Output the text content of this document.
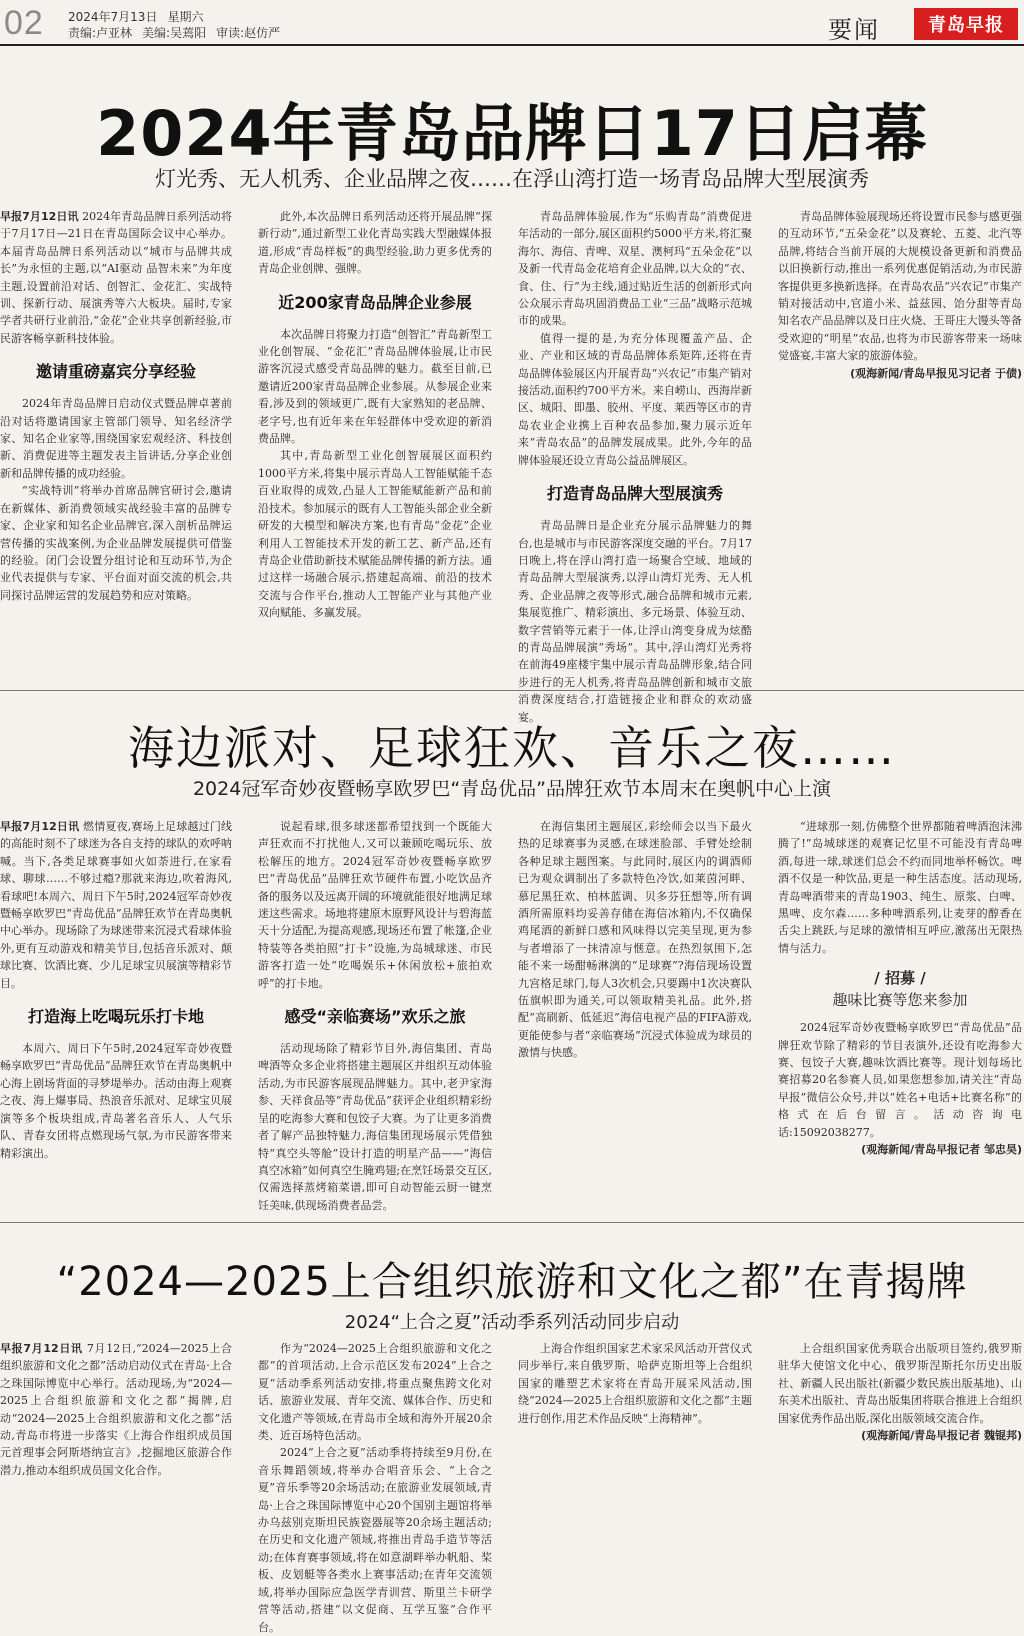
02 2024年7月13日 星期六
责编:卢亚林 美编:吴蔫阳 审读:赵仿严	要闻	青岛早报
2024年青岛品牌日17日启幕
灯光秀、无人机秀、企业品牌之夜……在浮山湾打造一场青岛品牌大型展演秀

早报7月12日讯 2024年青岛品牌日系列活动将于7月17日—21日在青岛国际会议中心举办。本届青岛品牌日系列活动以“城市与品牌共成长”为永恒的主题,以“AI驱动 品智未来”为年度主题,设置前沿对话、创智汇、金花汇、实战特训、探新行动、展演秀等六大板块。届时,专家学者共研行业前沿,“金花”企业共享创新经验,市民游客畅享新科技体验。

邀请重磅嘉宾分享经验

2024年青岛品牌日启动仪式暨品牌卓著前沿对话将邀请国家主管部门领导、知名经济学家、知名企业家等,围绕国家宏观经济、科技创新、消费促进等主题发表主旨讲话,分享企业创新和品牌传播的成功经验。

“实战特训”将举办首席品牌官研讨会,邀请在新媒体、新消费领域实战经验丰富的品牌专家、企业家和知名企业品牌官,深入剖析品牌运营传播的实战案例,为企业品牌发展提供可借鉴的经验。闭门会设置分组讨论和互动环节,为企业代表提供与专家、平台面对面交流的机会,共同探讨品牌运营的发展趋势和应对策略。

此外,本次品牌日系列活动还将开展品牌“探新行动”,通过新型工业化青岛实践大型融媒体报道,形成“青岛样板”的典型经验,助力更多优秀的青岛企业创牌、强牌。

近200家青岛品牌企业参展

本次品牌日将聚力打造“创智汇”青岛新型工业化创智展、“金花汇”青岛品牌体验展,让市民游客沉浸式感受青岛品牌的魅力。截至目前,已邀请近200家青岛品牌企业参展。从参展企业来看,涉及到的领域更广,既有大家熟知的老品牌、老字号,也有近年来在年轻群体中受欢迎的新消费品牌。

其中,青岛新型工业化创智展展区面积约1000平方米,将集中展示青岛人工智能赋能千态百业取得的成效,凸显人工智能赋能新产品和前沿技术。参加展示的既有人工智能头部企业全新研发的大模型和解决方案,也有青岛“金花”企业利用人工智能技术开发的新工艺、新产品,还有青岛企业借助新技术赋能品牌传播的新方法。通过这样一场融合展示,搭建起高端、前沿的技术交流与合作平台,推动人工智能产业与其他产业双向赋能、多赢发展。

青岛品牌体验展,作为“乐购青岛”消费促进年活动的一部分,展区面积约5000平方米,将汇聚海尔、海信、青啤、双星、澳柯玛“五朵金花”以及新一代青岛金花培育企业品牌,以大众的“衣、食、住、行”为主线,通过贴近生活的创新形式向公众展示青岛巩固消费品工业“三品”战略示范城市的成果。

值得一提的是,为充分体现覆盖产品、企业、产业和区域的青岛品牌体系矩阵,还将在青岛品牌体验展区内开展青岛“兴农记”市集产销对接活动,面积约700平方米。来自崂山、西海岸新区、城阳、即墨、胶州、平度、莱西等区市的青岛农业企业携上百种农品参加,聚力展示近年来“青岛农品”的品牌发展成果。此外,今年的品牌体验展还设立青岛公益品牌展区。

打造青岛品牌大型展演秀

青岛品牌日是企业充分展示品牌魅力的舞台,也是城市与市民游客深度交融的平台。7月17日晚上,将在浮山湾打造一场聚合空域、地域的青岛品牌大型展演秀,以浮山湾灯光秀、无人机秀、企业品牌之夜等形式,融合品牌和城市元素,集展览推广、精彩演出、多元场景、体验互动、数字营销等元素于一体,让浮山湾变身成为炫酷的青岛品牌展演“秀场”。其中,浮山湾灯光秀将在前海49座楼宇集中展示青岛品牌形象,结合同步进行的无人机秀,将青岛品牌创新和城市文旅消费深度结合,打造链接企业和群众的欢动盛宴。

青岛品牌体验展现场还将设置市民参与感更强的互动环节,“五朵金花”以及赛轮、五菱、北汽等品牌,将结合当前开展的大规模设备更新和消费品以旧换新行动,推出一系列优惠促销活动,为市民游客提供更多换新选择。在青岛农品“兴农记”市集产销对接活动中,官道小米、益兹园、饴分甜等青岛知名农产品品牌以及日庄火烧、王哥庄大馒头等备受欢迎的“明星”农品,也将为市民游客带来一场味觉盛宴,丰富大家的旅游体验。

(观海新闻/青岛早报见习记者 于债)

海边派对、足球狂欢、音乐之夜……
2024冠军奇妙夜暨畅享欧罗巴“青岛优品”品牌狂欢节本周末在奥帆中心上演

早报7月12日讯 燃情夏夜,赛场上足球越过门线的高能时刻不了球迷为各自支持的球队的欢呼呐喊。当下,各类足球赛事如火如荼进行,在家看球、聊球……不够过瘾?那就来海边,吹着海风,看球吧!本周六、周日下午5时,2024冠军奇妙夜暨畅享欧罗巴“青岛优品”品牌狂欢节在青岛奥帆中心举办。现场除了为球迷带来沉浸式看球体验外,更有互动游戏和精美节目,包括音乐派对、颠球比赛、饮酒比赛、少儿足球宝贝展演等精彩节目。

打造海上吃喝玩乐打卡地

本周六、周日下午5时,2024冠军奇妙夜暨畅享欧罗巴“青岛优品”品牌狂欢节在青岛奥帆中心海上剧场背面的寻梦堤举办。活动由海上观赛之夜、海上爆事局、热浪音乐派对、足球宝贝展演等多个板块组成,青岛著名音乐人、人气乐队、青春女团将点燃现场气氛,为市民游客带来精彩演出。

说起看球,很多球迷都希望找到一个既能大声狂欢而不打扰他人,又可以兼顾吃喝玩乐、放松解压的地方。2024冠军奇妙夜暨畅享欧罗巴“青岛优品”品牌狂欢节硬件布置,小吃饮品齐备的服务以及远离开阔的环境就能很好地满足球迷这些需求。场地将建原木原野风设计与碧海蓝天十分适配,为提高观感,现场还布置了帐篷,企业特装等各类拍照“打卡”设施,为岛城球迷、市民游客打造一处“吃喝娱乐+休闲放松+旅拍欢呼”的打卡地。

感受“亲临赛场”欢乐之旅

活动现场除了精彩节目外,海信集团、青岛啤酒等众多企业将搭建主题展区并组织互动体验活动,为市民游客展现品牌魅力。其中,老尹家海参、天祥食品等“青岛优品”获评企业组织精彩纷呈的吃海参大赛和包饺子大赛。为了让更多消费者了解产品独特魅力,海信集团现场展示凭借独特“真空头等舱”设计打造的明星产品——“海信真空冰箱”如何真空生腌鸡翅;在烹饪场景交互区,仅需选择蒸烤箱菜谱,即可自动智能云厨一键烹饪美味,供现场消费者品尝。

在海信集团主题展区,彩绘师会以当下最火热的足球赛事为灵感,在球迷脸部、手臂处绘制各种足球主题图案。与此同时,展区内的调酒师已为观众调制出了多款特色冷饮,如莱茵河畔、慕尼黑狂欢、柏林蓝调、贝多芬狂想等,所有调酒所需原料均妥善存储在海信冰箱内,不仅确保鸡尾酒的新鲜口感和风味得以完美呈现,更为参与者增添了一抹清凉与惬意。在热烈氛围下,怎能不来一场酣畅淋漓的“足球赛”?海信现场设置九宫格足球门,每人3次机会,只要踢中1次决赛队伍旗帜即为通关,可以领取精美礼品。此外,搭配“高刷新、低延迟”海信电视产品的FIFA游戏,更能使参与者“亲临赛场”沉浸式体验成为球员的激情与快感。

“进球那一刻,仿佛整个世界都随着啤酒泡沫沸腾了!”岛城球迷的观赛记忆里不可能没有青岛啤酒,每进一球,球迷们总会不约而同地举杯畅饮。啤酒不仅是一种饮品,更是一种生活态度。活动现场,青岛啤酒带来的青岛1903、纯生、原浆、白啤、黑啤、皮尔森……多种啤酒系列,让麦芽的醇香在舌尖上跳跃,与足球的激情相互呼应,激荡出无限热情与活力。

/ 招募 /
趣味比赛等您来参加

2024冠军奇妙夜暨畅享欧罗巴“青岛优品”品牌狂欢节除了精彩的节目表演外,还设有吃海参大赛、包饺子大赛,趣味饮酒比赛等。现计划每场比赛招募20名参赛人员,如果您想参加,请关注“青岛早报”微信公众号,并以“姓名+电话+比赛名称”的格式在后台留言。活动咨询电话:15092038277。

(观海新闻/青岛早报记者 邹忠昊)

“2024—2025上合组织旅游和文化之都”在青揭牌
2024“上合之夏”活动季系列活动同步启动

早报7月12日讯 7月12日,“2024—2025上合组织旅游和文化之都”活动启动仪式在青岛·上合之珠国际博览中心举行。活动现场,为“2024—2025上合组织旅游和文化之都”揭牌,启动“2024—2025上合组织旅游和文化之都”活动,青岛市将进一步落实《上海合作组织成员国元首理事会阿斯塔纳宣言》,挖掘地区旅游合作潜力,推动本组织成员国文化合作。

作为“2024—2025上合组织旅游和文化之都”的首项活动,上合示范区发布2024“上合之夏”活动季系列活动安排,将重点聚焦跨文化对话、旅游业发展、青年交流、媒体合作、历史和文化遗产等领域,在青岛市全域和海外开展20余类、近百场特色活动。

2024“上合之夏”活动季将持续至9月份,在音乐舞蹈领域,将举办合唱音乐会、“上合之夏”音乐季等20余场活动;在旅游业发展领域,青岛·上合之珠国际博览中心20个国别主题馆将举办乌兹别克斯坦民族瓷器展等20余场主题活动;在历史和文化遗产领域,将推出青岛手造节等活动;在体育赛事领域,将在如意湖畔举办帆船、桨板、皮划艇等各类水上赛事活动;在青年交流领域,将举办国际应急医学青训营、斯里兰卡研学营等活动,搭建“以文促商、互学互鉴”合作平台。

上海合作组织国家艺术家采风活动开营仪式同步举行,来自俄罗斯、哈萨克斯坦等上合组织国家的雕塑艺术家将在青岛开展采风活动,围绕“2024—2025上合组织旅游和文化之都”主题进行创作,用艺术作品反映“上海精神”。

上合组织国家优秀联合出版项目签约,俄罗斯驻华大使馆文化中心、俄罗斯涅斯托尔历史出版社、新疆人民出版社(新疆少数民族出版基地)、山东美术出版社、青岛出版集团将联合推进上合组织国家优秀作品出版,深化出版领域交流合作。

(观海新闻/青岛早报记者 魏锟邦)
